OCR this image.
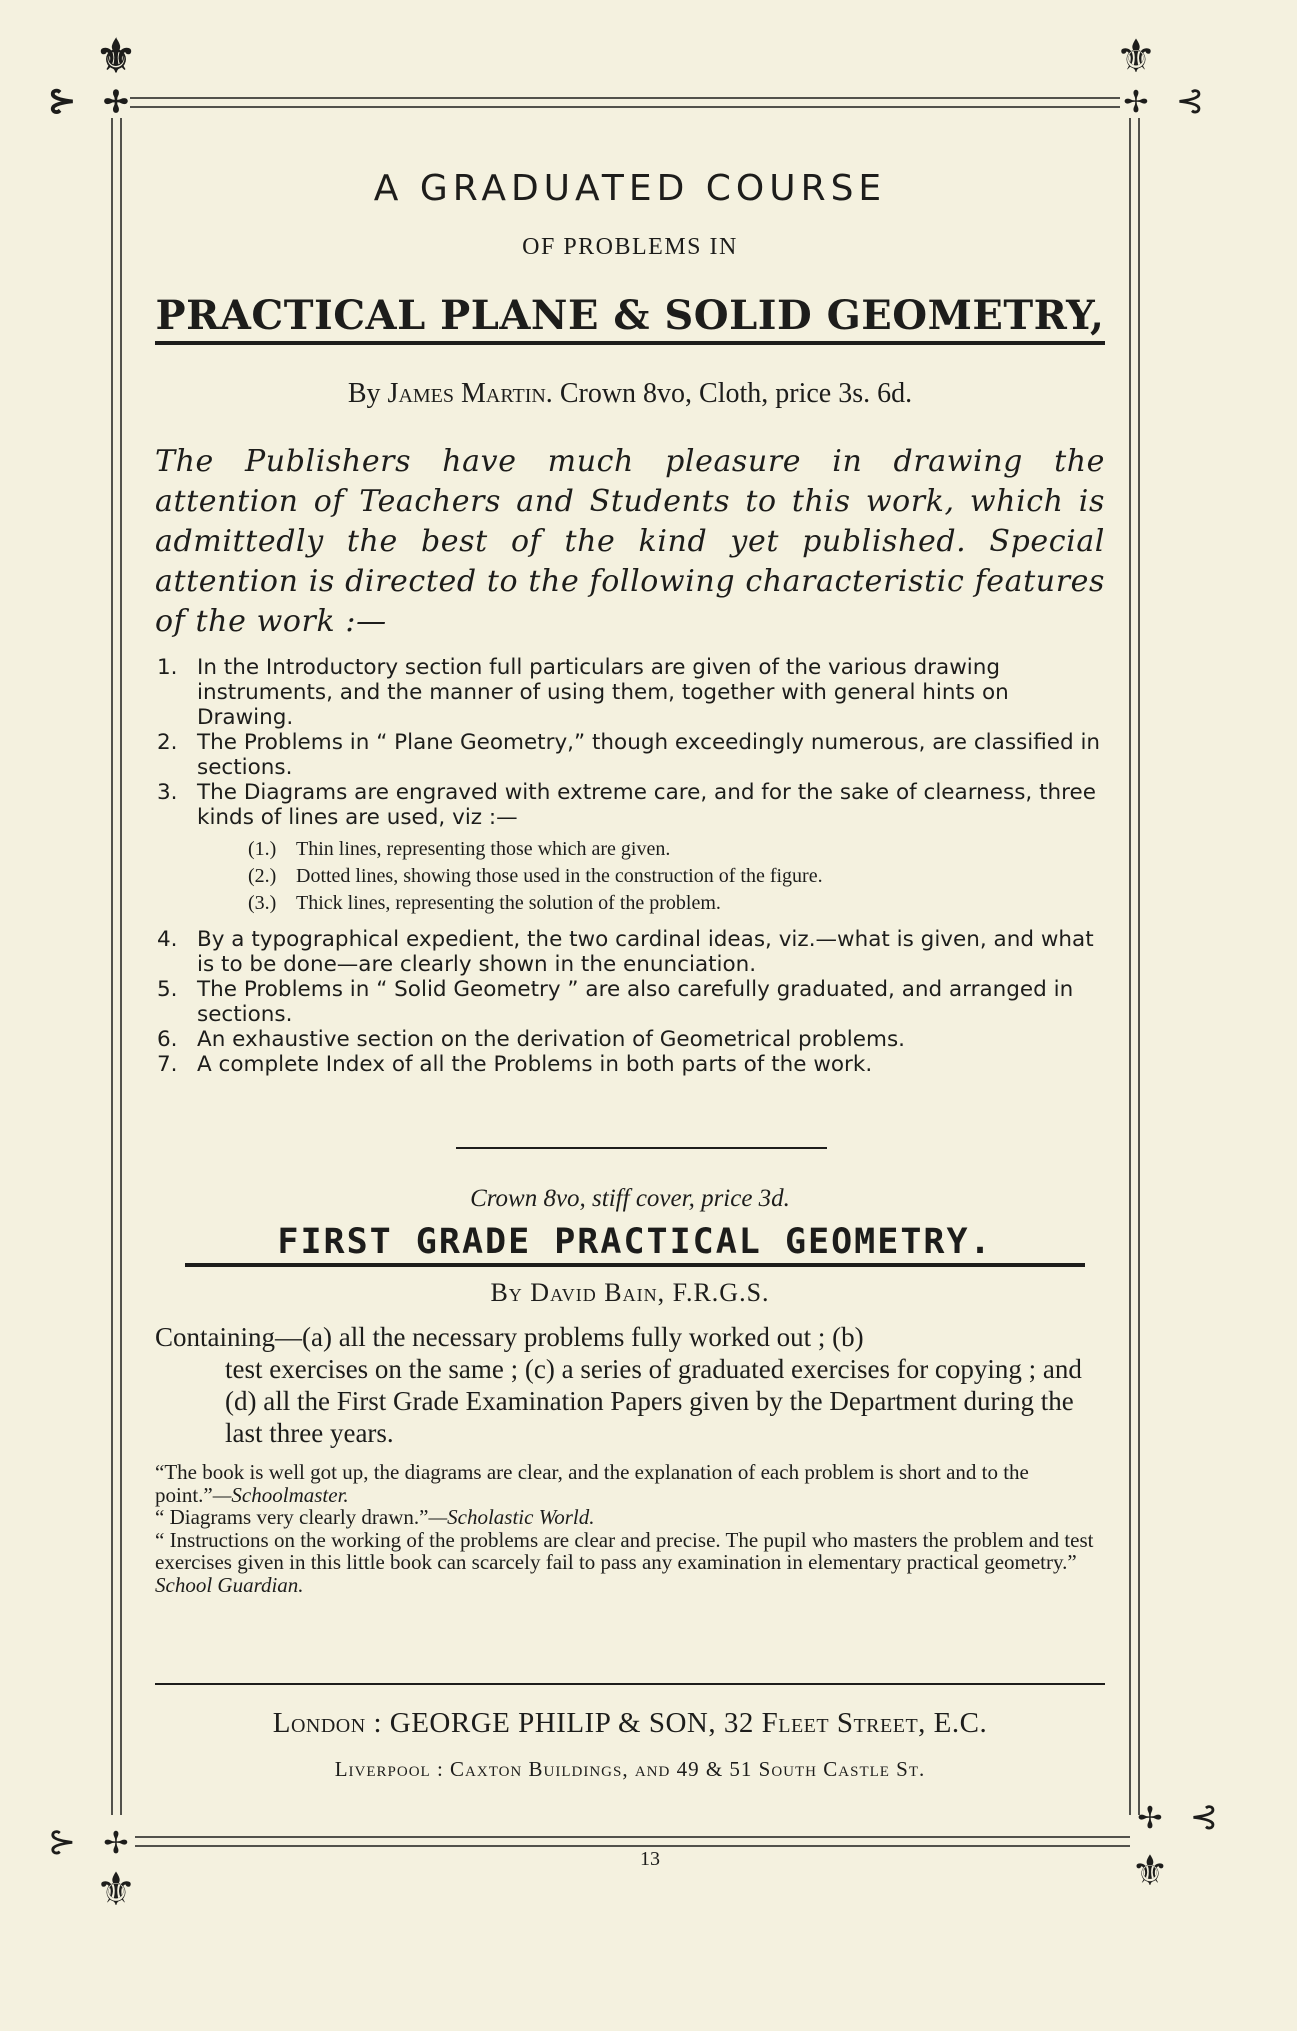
⚜
✢
⊱
⚜
✢ ⊰
✢
⊱
⚜
✢ ⊰
⚜
A GRADUATED COURSE
OF PROBLEMS IN
PRACTICAL PLANE & SOLID GEOMETRY,
By James Martin. Crown 8vo, Cloth, price 3s. 6d.
The Publishers have much pleasure in drawing the attention of Teachers and Students to this work, which is admittedly the best of the kind yet published. Special attention is directed to the following characteristic features of the work :—

1. In the Introductory section full particulars are given of the various drawing instruments, and the manner of using them, together with general hints on Drawing.

2. The Problems in “ Plane Geometry,” though exceedingly numerous, are classified in sections.

3. The Diagrams are engraved with extreme care, and for the sake of clearness, three kinds of lines are used, viz :—

(1.) Thin lines, representing those which are given.
(2.) Dotted lines, showing those used in the construction of the figure.
(3.) Thick lines, representing the solution of the problem.

4. By a typographical expedient, the two cardinal ideas, viz.—what is given, and what is to be done—are clearly shown in the enunciation.

5. The Problems in “ Solid Geometry ” are also carefully graduated, and arranged in sections.

6. An exhaustive section on the derivation of Geometrical problems.

7. A complete Index of all the Problems in both parts of the work.

Crown 8vo, stiff cover, price 3d.
FIRST GRADE PRACTICAL GEOMETRY.
By David Bain, F.R.G.S.

Containing—(a) all the necessary problems fully worked out ; (b)

test exercises on the same ; (c) a series of graduated exercises for copying ; and (d) all the First Grade Examination Papers given by the Department during the last three years.

“The book is well got up, the diagrams are clear, and the explanation of each problem is short and to the point.”—Schoolmaster.

“ Diagrams very clearly drawn.”—Scholastic World.

“ Instructions on the working of the problems are clear and precise. The pupil who masters the problem and test exercises given in this little book can scarcely fail to pass any examination in elementary practical geometry.”
School Guardian.

London : GEORGE PHILIP & SON, 32 Fleet Street, E.C.
Liverpool : Caxton Buildings, and 49 & 51 South Castle St.
13
